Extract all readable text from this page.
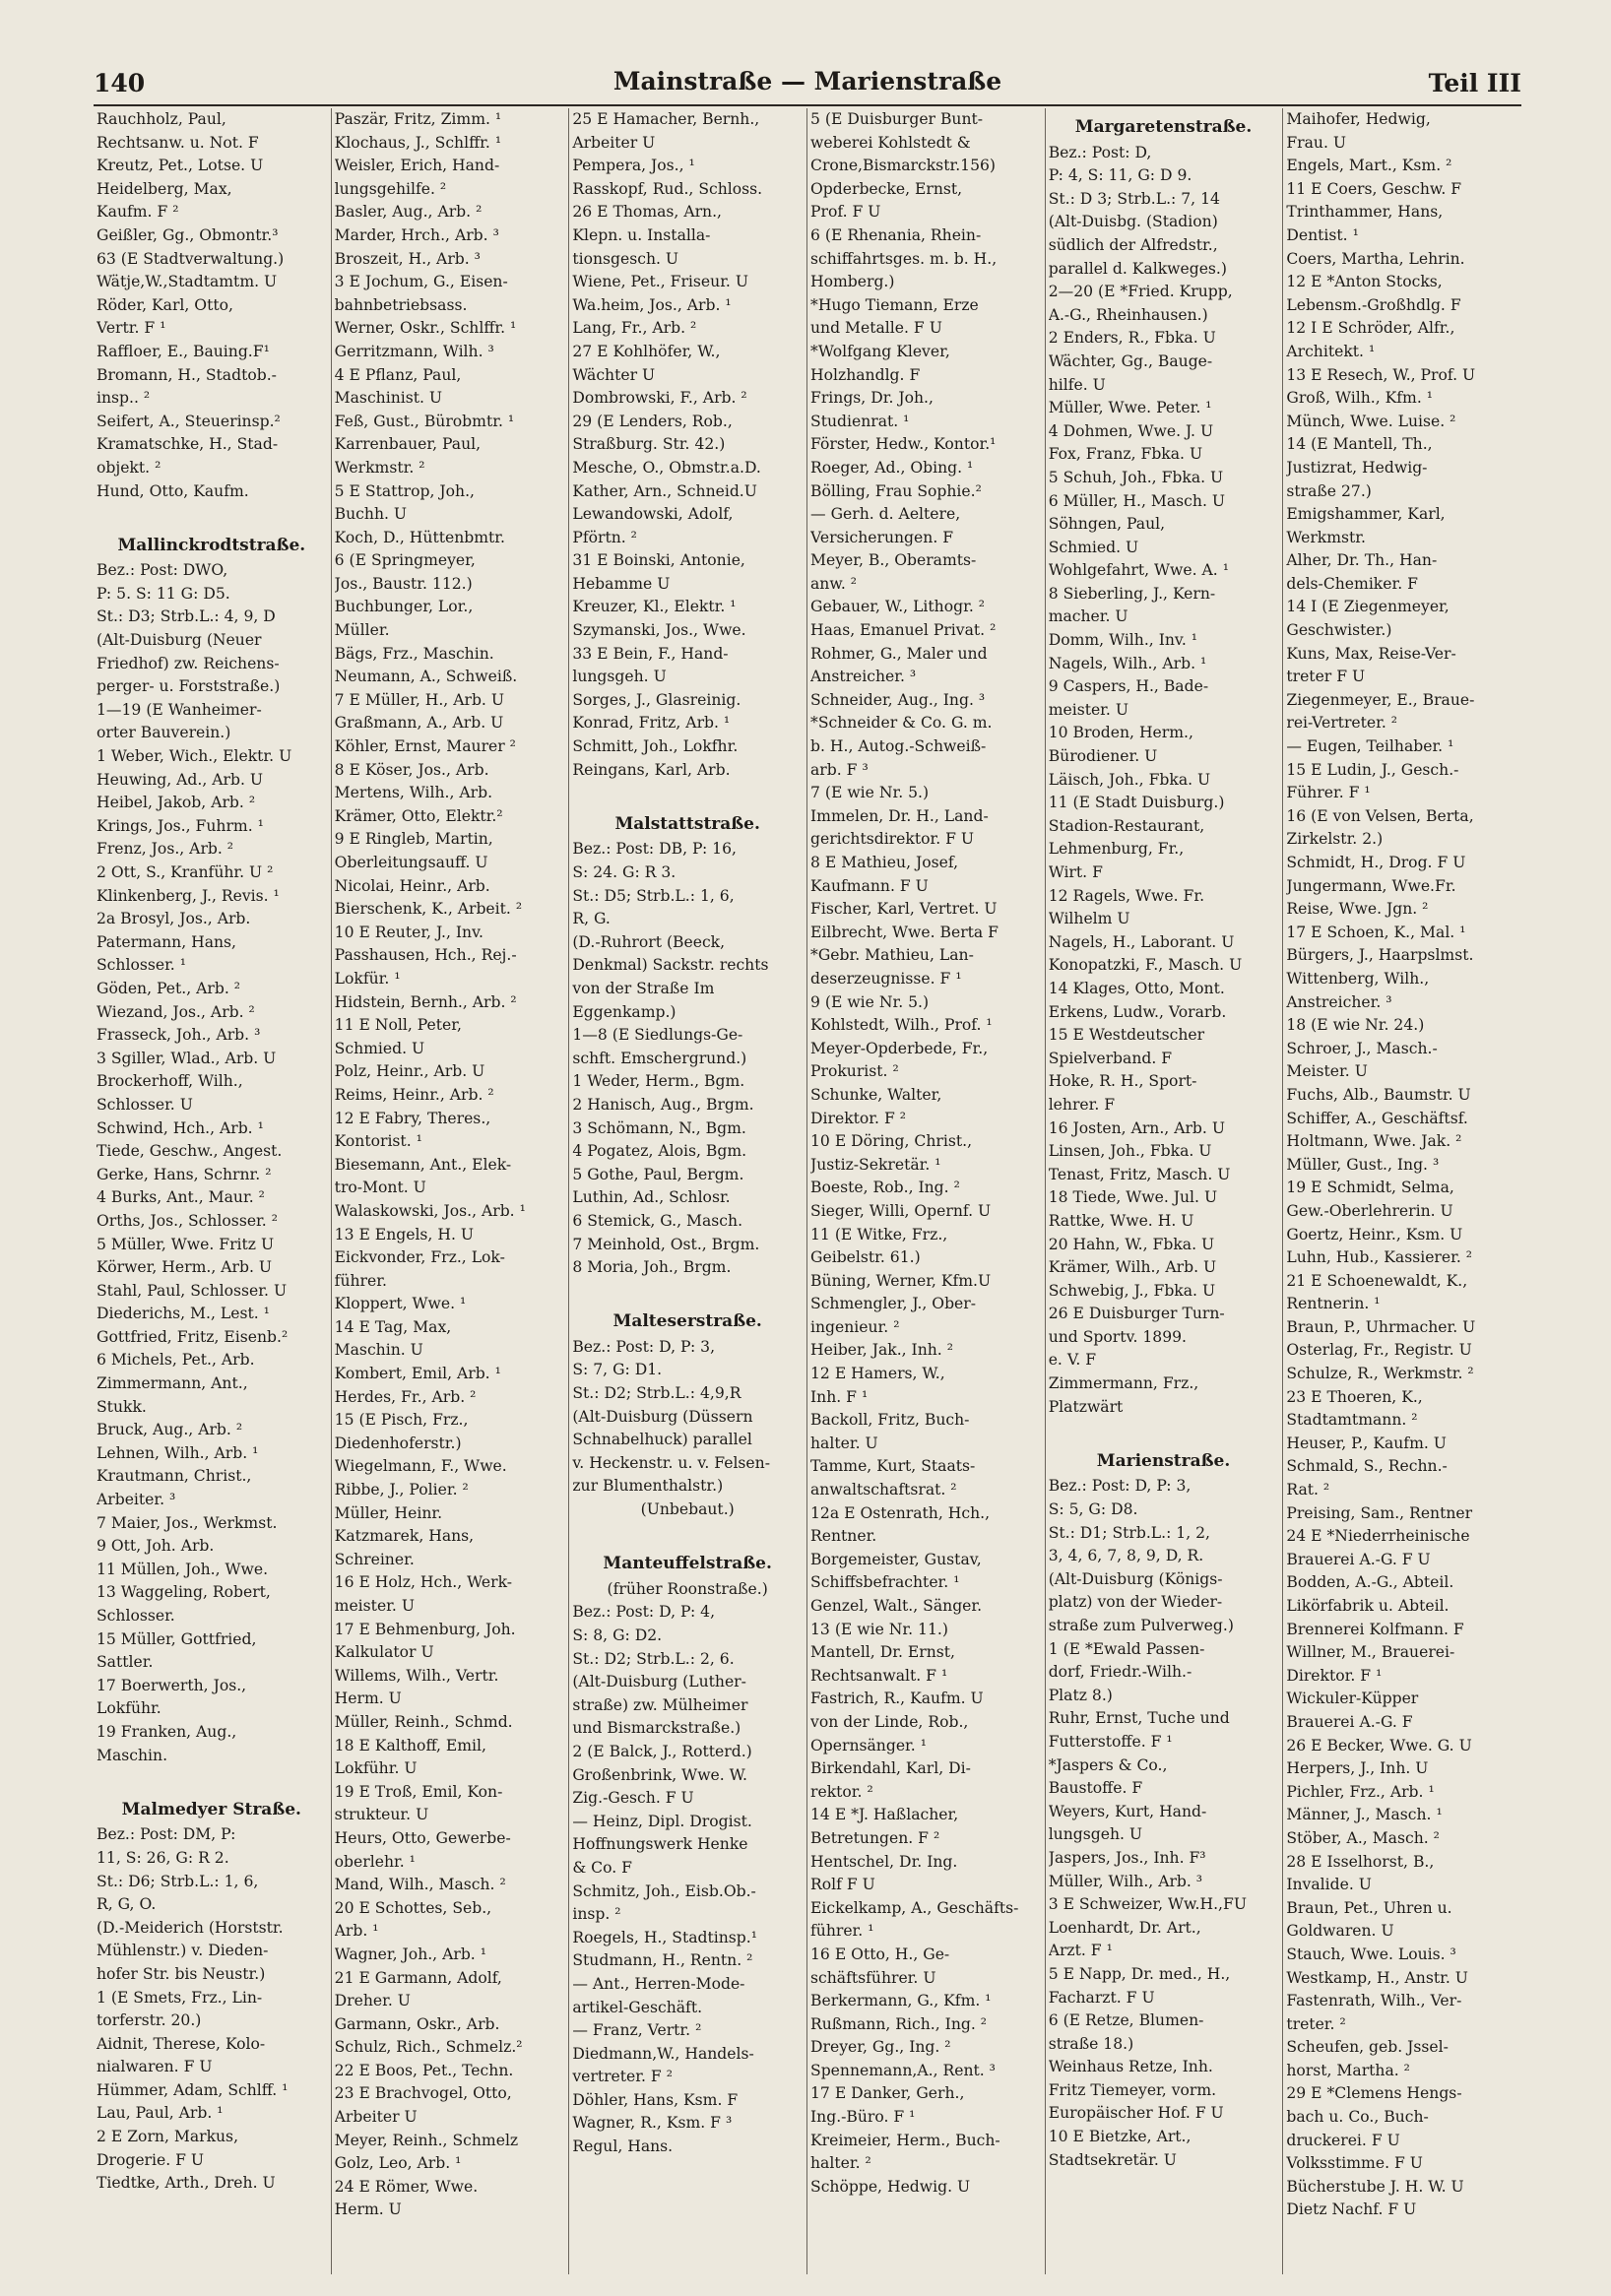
140	Mainstraße — Marienstraße	Teil III
Rauchholz, Paul,
Rechtsanw. u. Not. F
Kreutz, Pet., Lotse. U
Heidelberg, Max,
Kaufm. F ²
Geißler, Gg., Obmontr.³
63 (E Stadtverwaltung.)
Wätje,W.,Stadtamtm. U
Röder, Karl, Otto,
Vertr. F ¹
Raffloer, E., Bauing.F¹
Bromann, H., Stadtob.-
insp.. ²
Seifert, A., Steuerinsp.²
Kramatschke, H., Stad-
objekt. ²
Hund, Otto, Kaufm.

Mallinckrodtstraße.
Bez.: Post: DWO,
P: 5. S: 11 G: D5.
St.: D3; Strb.L.: 4, 9, D
(Alt-Duisburg (Neuer
Friedhof) zw. Reichens-
perger- u. Forststraße.)
1—19 (E Wanheimer-
orter Bauverein.)
1 Weber, Wich., Elektr. U
Heuwing, Ad., Arb. U
Heibel, Jakob, Arb. ²
Krings, Jos., Fuhrm. ¹
Frenz, Jos., Arb. ²
2 Ott, S., Kranführ. U ²
Klinkenberg, J., Revis. ¹
2a Brosyl, Jos., Arb.
Patermann, Hans,
Schlosser. ¹
Göden, Pet., Arb. ²
Wiezand, Jos., Arb. ²
Frasseck, Joh., Arb. ³
3 Sgiller, Wlad., Arb. U
Brockerhoff, Wilh.,
Schlosser. U
Schwind, Hch., Arb. ¹
Tiede, Geschw., Angest.
Gerke, Hans, Schrnr. ²
4 Burks, Ant., Maur. ²
Orths, Jos., Schlosser. ²
5 Müller, Wwe. Fritz U
Körwer, Herm., Arb. U
Stahl, Paul, Schlosser. U
Diederichs, M., Lest. ¹
Gottfried, Fritz, Eisenb.²
6 Michels, Pet., Arb.
Zimmermann, Ant.,
Stukk.
Bruck, Aug., Arb. ²
Lehnen, Wilh., Arb. ¹
Krautmann, Christ.,
Arbeiter. ³
7 Maier, Jos., Werkmst.
9 Ott, Joh. Arb.
11 Müllen, Joh., Wwe.
13 Waggeling, Robert,
Schlosser.
15 Müller, Gottfried,
Sattler.
17 Boerwerth, Jos.,
Lokführ.
19 Franken, Aug.,
Maschin.

Malmedyer Straße.
Bez.: Post: DM, P:
11, S: 26, G: R 2.
St.: D6; Strb.L.: 1, 6,
R, G, O.
(D.-Meiderich (Horststr.
Mühlenstr.) v. Dieden-
hofer Str. bis Neustr.)
1 (E Smets, Frz., Lin-
torferstr. 20.)
Aidnit, Therese, Kolo-
nialwaren. F U
Hümmer, Adam, Schlff. ¹
Lau, Paul, Arb. ¹
2 E Zorn, Markus,
Drogerie. F U
Tiedtke, Arth., Dreh. U
Paszär, Fritz, Zimm. ¹
Klochaus, J., Schlffr. ¹
Weisler, Erich, Hand-
lungsgehilfe. ²
Basler, Aug., Arb. ²
Marder, Hrch., Arb. ³
Broszeit, H., Arb. ³
3 E Jochum, G., Eisen-
bahnbetriebsass.
Werner, Oskr., Schlffr. ¹
Gerritzmann, Wilh. ³
4 E Pflanz, Paul,
Maschinist. U
Feß, Gust., Bürobmtr. ¹
Karrenbauer, Paul,
Werkmstr. ²
5 E Stattrop, Joh.,
Buchh. U
Koch, D., Hüttenbmtr.
6 (E Springmeyer,
Jos., Baustr. 112.)
Buchbunger, Lor.,
Müller.
Bägs, Frz., Maschin.
Neumann, A., Schweiß.
7 E Müller, H., Arb. U
Graßmann, A., Arb. U
Köhler, Ernst, Maurer ²
8 E Köser, Jos., Arb.
Mertens, Wilh., Arb.
Krämer, Otto, Elektr.²
9 E Ringleb, Martin,
Oberleitungsauff. U
Nicolai, Heinr., Arb.
Bierschenk, K., Arbeit. ²
10 E Reuter, J., Inv.
Passhausen, Hch., Rej.-
Lokfür. ¹
Hidstein, Bernh., Arb. ²
11 E Noll, Peter,
Schmied. U
Polz, Heinr., Arb. U
Reims, Heinr., Arb. ²
12 E Fabry, Theres.,
Kontorist. ¹
Biesemann, Ant., Elek-
tro-Mont. U
Walaskowski, Jos., Arb. ¹
13 E Engels, H. U
Eickvonder, Frz., Lok-
führer.
Kloppert, Wwe. ¹
14 E Tag, Max,
Maschin. U
Kombert, Emil, Arb. ¹
Herdes, Fr., Arb. ²
15 (E Pisch, Frz.,
Diedenhoferstr.)
Wiegelmann, F., Wwe.
Ribbe, J., Polier. ²
Müller, Heinr.
Katzmarek, Hans,
Schreiner.
16 E Holz, Hch., Werk-
meister. U
17 E Behmenburg, Joh.
Kalkulator U
Willems, Wilh., Vertr.
Herm. U
Müller, Reinh., Schmd.
18 E Kalthoff, Emil,
Lokführ. U
19 E Troß, Emil, Kon-
strukteur. U
Heurs, Otto, Gewerbe-
oberlehr. ¹
Mand, Wilh., Masch. ²
20 E Schottes, Seb.,
Arb. ¹
Wagner, Joh., Arb. ¹
21 E Garmann, Adolf,
Dreher. U
Garmann, Oskr., Arb.
Schulz, Rich., Schmelz.²
22 E Boos, Pet., Techn.
23 E Brachvogel, Otto,
Arbeiter U
Meyer, Reinh., Schmelz
Golz, Leo, Arb. ¹
24 E Römer, Wwe.
Herm. U
25 E Hamacher, Bernh.,
Arbeiter U
Pempera, Jos., ¹
Rasskopf, Rud., Schloss.
26 E Thomas, Arn.,
Klepn. u. Installa-
tionsgesch. U
Wiene, Pet., Friseur. U
Wa.heim, Jos., Arb. ¹
Lang, Fr., Arb. ²
27 E Kohlhöfer, W.,
Wächter U
Dombrowski, F., Arb. ²
29 (E Lenders, Rob.,
Straßburg. Str. 42.)
Mesche, O., Obmstr.a.D.
Kather, Arn., Schneid.U
Lewandowski, Adolf,
Pförtn. ²
31 E Boinski, Antonie,
Hebamme U
Kreuzer, Kl., Elektr. ¹
Szymanski, Jos., Wwe.
33 E Bein, F., Hand-
lungsgeh. U
Sorges, J., Glasreinig.
Konrad, Fritz, Arb. ¹
Schmitt, Joh., Lokfhr.
Reingans, Karl, Arb.

Malstattstraße.
Bez.: Post: DB, P: 16,
S: 24. G: R 3.
St.: D5; Strb.L.: 1, 6,
R, G.
(D.-Ruhrort (Beeck,
Denkmal) Sackstr. rechts
von der Straße Im
Eggenkamp.)
1—8 (E Siedlungs-Ge-
schft. Emschergrund.)
1 Weder, Herm., Bgm.
2 Hanisch, Aug., Brgm.
3 Schömann, N., Bgm.
4 Pogatez, Alois, Bgm.
5 Gothe, Paul, Bergm.
Luthin, Ad., Schlosr.
6 Stemick, G., Masch.
7 Meinhold, Ost., Brgm.
8 Moria, Joh., Brgm.

Malteserstraße.
Bez.: Post: D, P: 3,
S: 7, G: D1.
St.: D2; Strb.L.: 4,9,R
(Alt-Duisburg (Düssern
Schnabelhuck) parallel
v. Heckenstr. u. v. Felsen-
zur Blumenthalstr.)
(Unbebaut.)

Manteuffelstraße.
(früher Roonstraße.)
Bez.: Post: D, P: 4,
S: 8, G: D2.
St.: D2; Strb.L.: 2, 6.
(Alt-Duisburg (Luther-
straße) zw. Mülheimer
und Bismarckstraße.)
2 (E Balck, J., Rotterd.)
Großenbrink, Wwe. W.
Zig.-Gesch. F U
— Heinz, Dipl. Drogist.
Hoffnungswerk Henke
& Co. F
Schmitz, Joh., Eisb.Ob.-
insp. ²
Roegels, H., Stadtinsp.¹
Studmann, H., Rentn. ²
— Ant., Herren-Mode-
artikel-Geschäft.
— Franz, Vertr. ²
Diedmann,W., Handels-
vertreter. F ²
Döhler, Hans, Ksm. F
Wagner, R., Ksm. F ³
Regul, Hans.
5 (E Duisburger Bunt-
weberei Kohlstedt &
Crone,Bismarckstr.156)
Opderbecke, Ernst,
Prof. F U
6 (E Rhenania, Rhein-
schiffahrtsges. m. b. H.,
Homberg.)
*Hugo Tiemann, Erze
und Metalle. F U
*Wolfgang Klever,
Holzhandlg. F
Frings, Dr. Joh.,
Studienrat. ¹
Förster, Hedw., Kontor.¹
Roeger, Ad., Obing. ¹
Bölling, Frau Sophie.²
— Gerh. d. Aeltere,
Versicherungen. F
Meyer, B., Oberamts-
anw. ²
Gebauer, W., Lithogr. ²
Haas, Emanuel Privat. ²
Rohmer, G., Maler und
Anstreicher. ³
Schneider, Aug., Ing. ³
*Schneider & Co. G. m.
b. H., Autog.-Schweiß-
arb. F ³
7 (E wie Nr. 5.)
Immelen, Dr. H., Land-
gerichtsdirektor. F U
8 E Mathieu, Josef,
Kaufmann. F U
Fischer, Karl, Vertret. U
Eilbrecht, Wwe. Berta F
*Gebr. Mathieu, Lan-
deserzeugnisse. F ¹
9 (E wie Nr. 5.)
Kohlstedt, Wilh., Prof. ¹
Meyer-Opderbede, Fr.,
Prokurist. ²
Schunke, Walter,
Direktor. F ²
10 E Döring, Christ.,
Justiz-Sekretär. ¹
Boeste, Rob., Ing. ²
Sieger, Willi, Opernf. U
11 (E Witke, Frz.,
Geibelstr. 61.)
Büning, Werner, Kfm.U
Schmengler, J., Ober-
ingenieur. ²
Heiber, Jak., Inh. ²
12 E Hamers, W.,
Inh. F ¹
Backoll, Fritz, Buch-
halter. U
Tamme, Kurt, Staats-
anwaltschaftsrat. ²
12a E Ostenrath, Hch.,
Rentner.
Borgemeister, Gustav,
Schiffsbefrachter. ¹
Genzel, Walt., Sänger.
13 (E wie Nr. 11.)
Mantell, Dr. Ernst,
Rechtsanwalt. F ¹
Fastrich, R., Kaufm. U
von der Linde, Rob.,
Opernsänger. ¹
Birkendahl, Karl, Di-
rektor. ²
14 E *J. Haßlacher,
Betretungen. F ²
Hentschel, Dr. Ing.
Rolf F U
Eickelkamp, A., Geschäfts-
führer. ¹
16 E Otto, H., Ge-
schäftsführer. U
Berkermann, G., Kfm. ¹
Rußmann, Rich., Ing. ²
Dreyer, Gg., Ing. ²
Spennemann,A., Rent. ³
17 E Danker, Gerh.,
Ing.-Büro. F ¹
Kreimeier, Herm., Buch-
halter. ²
Schöppe, Hedwig. U
Margaretenstraße.
Bez.: Post: D,
P: 4, S: 11, G: D 9.
St.: D 3; Strb.L.: 7, 14
(Alt-Duisbg. (Stadion)
südlich der Alfredstr.,
parallel d. Kalkweges.)
2—20 (E *Fried. Krupp,
A.-G., Rheinhausen.)
2 Enders, R., Fbka. U
Wächter, Gg., Bauge-
hilfe. U
Müller, Wwe. Peter. ¹
4 Dohmen, Wwe. J. U
Fox, Franz, Fbka. U
5 Schuh, Joh., Fbka. U
6 Müller, H., Masch. U
Söhngen, Paul,
Schmied. U
Wohlgefahrt, Wwe. A. ¹
8 Sieberling, J., Kern-
macher. U
Domm, Wilh., Inv. ¹
Nagels, Wilh., Arb. ¹
9 Caspers, H., Bade-
meister. U
10 Broden, Herm.,
Bürodiener. U
Läisch, Joh., Fbka. U
11 (E Stadt Duisburg.)
Stadion-Restaurant,
Lehmenburg, Fr.,
Wirt. F
12 Ragels, Wwe. Fr.
Wilhelm U
Nagels, H., Laborant. U
Konopatzki, F., Masch. U
14 Klages, Otto, Mont.
Erkens, Ludw., Vorarb.
15 E Westdeutscher
Spielverband. F
Hoke, R. H., Sport-
lehrer. F
16 Josten, Arn., Arb. U
Linsen, Joh., Fbka. U
Tenast, Fritz, Masch. U
18 Tiede, Wwe. Jul. U
Rattke, Wwe. H. U
20 Hahn, W., Fbka. U
Krämer, Wilh., Arb. U
Schwebig, J., Fbka. U
26 E Duisburger Turn-
und Sportv. 1899.
e. V. F
Zimmermann, Frz.,
Platzwärt

Marienstraße.
Bez.: Post: D, P: 3,
S: 5, G: D8.
St.: D1; Strb.L.: 1, 2,
3, 4, 6, 7, 8, 9, D, R.
(Alt-Duisburg (Königs-
platz) von der Wieder-
straße zum Pulverweg.)
1 (E *Ewald Passen-
dorf, Friedr.-Wilh.-
Platz 8.)
Ruhr, Ernst, Tuche und
Futterstoffe. F ¹
*Jaspers & Co.,
Baustoffe. F
Weyers, Kurt, Hand-
lungsgeh. U
Jaspers, Jos., Inh. F³
Müller, Wilh., Arb. ³
3 E Schweizer, Ww.H.,FU
Loenhardt, Dr. Art.,
Arzt. F ¹
5 E Napp, Dr. med., H.,
Facharzt. F U
6 (E Retze, Blumen-
straße 18.)
Weinhaus Retze, Inh.
Fritz Tiemeyer, vorm.
Europäischer Hof. F U
10 E Bietzke, Art.,
Stadtsekretär. U
Maihofer, Hedwig,
Frau. U
Engels, Mart., Ksm. ²
11 E Coers, Geschw. F
Trinthammer, Hans,
Dentist. ¹
Coers, Martha, Lehrin.
12 E *Anton Stocks,
Lebensm.-Großhdlg. F
12 I E Schröder, Alfr.,
Architekt. ¹
13 E Resech, W., Prof. U
Groß, Wilh., Kfm. ¹
Münch, Wwe. Luise. ²
14 (E Mantell, Th.,
Justizrat, Hedwig-
straße 27.)
Emigshammer, Karl,
Werkmstr.
Alher, Dr. Th., Han-
dels-Chemiker. F
14 I (E Ziegenmeyer,
Geschwister.)
Kuns, Max, Reise-Ver-
treter F U
Ziegenmeyer, E., Braue-
rei-Vertreter. ²
— Eugen, Teilhaber. ¹
15 E Ludin, J., Gesch.-
Führer. F ¹
16 (E von Velsen, Berta,
Zirkelstr. 2.)
Schmidt, H., Drog. F U
Jungermann, Wwe.Fr.
Reise, Wwe. Jgn. ²
17 E Schoen, K., Mal. ¹
Bürgers, J., Haarpslmst.
Wittenberg, Wilh.,
Anstreicher. ³
18 (E wie Nr. 24.)
Schroer, J., Masch.-
Meister. U
Fuchs, Alb., Baumstr. U
Schiffer, A., Geschäftsf.
Holtmann, Wwe. Jak. ²
Müller, Gust., Ing. ³
19 E Schmidt, Selma,
Gew.-Oberlehrerin. U
Goertz, Heinr., Ksm. U
Luhn, Hub., Kassierer. ²
21 E Schoenewaldt, K.,
Rentnerin. ¹
Braun, P., Uhrmacher. U
Osterlag, Fr., Registr. U
Schulze, R., Werkmstr. ²
23 E Thoeren, K.,
Stadtamtmann. ²
Heuser, P., Kaufm. U
Schmald, S., Rechn.-
Rat. ²
Preising, Sam., Rentner
24 E *Niederrheinische
Brauerei A.-G. F U
Bodden, A.-G., Abteil.
Likörfabrik u. Abteil.
Brennerei Kolfmann. F
Willner, M., Brauerei-
Direktor. F ¹
Wickuler-Küpper
Brauerei A.-G. F
26 E Becker, Wwe. G. U
Herpers, J., Inh. U
Pichler, Frz., Arb. ¹
Männer, J., Masch. ¹
Stöber, A., Masch. ²
28 E Isselhorst, B.,
Invalide. U
Braun, Pet., Uhren u.
Goldwaren. U
Stauch, Wwe. Louis. ³
Westkamp, H., Anstr. U
Fastenrath, Wilh., Ver-
treter. ²
Scheufen, geb. Jssel-
horst, Martha. ²
29 E *Clemens Hengs-
bach u. Co., Buch-
druckerei. F U
Volksstimme. F U
Bücherstube J. H. W. U
Dietz Nachf. F U
